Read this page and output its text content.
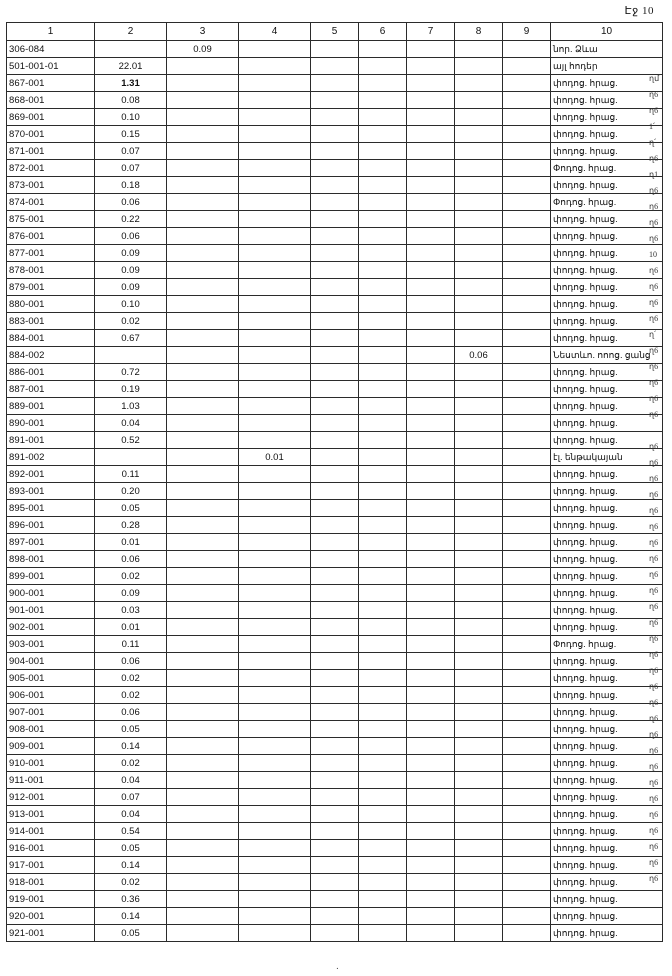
Էջ 10
1	2	3	4	5	6	7	8	9	10
306-084		0.09							նոր. Ձևա
501-001-01	22.01								այլ հոդեր
867-001	1.31								փոդոց. հրաց.
868-001	0.08								փոդոց. հրաց.
869-001	0.10								փոդոց. հրաց.
870-001	0.15								փոդոց. հրաց.
871-001	0.07								փոդոց. հրաց.
872-001	0.07								Փոդոց. հրաց.
873-001	0.18								փոդոց. հրաց.
874-001	0.06								Փոդոց. հրաց.
875-001	0.22								փոդոց. հրաց.
876-001	0.06								փոդոց. հրաց.
877-001	0.09								փոդոց. հրաց.
878-001	0.09								փոդոց. հրաց.
879-001	0.09								փոդոց. հրաց.
880-001	0.10								փոդոց. հրաց.
883-001	0.02								փոդոց. հրաց.
884-001	0.67								փոդոց. հրաց.
884-002							0.06		Նեստևո. ոոոց. ցանց
886-001	0.72								փոդոց. հրաց.
887-001	0.19								փոդոց. հրաց.
889-001	1.03								փոդոց. հրաց.
890-001	0.04								փոդոց. հրաց.
891-001	0.52								փոդոց. հրաց.
891-002			0.01						էլ. ենթակայան
892-001	0.11								փոդոց. հրաց.
893-001	0.20								փոդոց. հրաց.
895-001	0.05								փոդոց. հրաց.
896-001	0.28								փոդոց. հրաց.
897-001	0.01								փոդոց. հրաց.
898-001	0.06								փոդոց. հրաց.
899-001	0.02								փոդոց. հրաց.
900-001	0.09								փոդոց. հրաց.
901-001	0.03								փոդոց. հրաց.
902-001	0.01								փոդոց. հրաց.
903-001	0.11								Փոդոց. հրաց.
904-001	0.06								փոդոց. հրաց.
905-001	0.02								փոդոց. հրաց.
906-001	0.02								փոդոց. հրաց.
907-001	0.06								փոդոց. հրաց.
908-001	0.05								փոդոց. հրաց.
909-001	0.14								փոդոց. հրաց.
910-001	0.02								փոդոց. հրաց.
911-001	0.04								փոդոց. հրաց.
912-001	0.07								փոդոց. հրաց.
913-001	0.04								փոդոց. հրաց.
914-001	0.54								փոդոց. հրաց.
916-001	0.05								փոդոց. հրաց.
917-001	0.14								փոդոց. հրաց.
918-001	0.02								փոդոց. հրաց.
919-001	0.36								փոդոց. հրաց.
920-001	0.14								փոդոց. հրաց.
921-001	0.05								փոդոց. հրաց.
ղմ
ղ6
ղ6
1՛
ղ՛
ղ6
ղ1
ղ6
ղ6
ղ6
ղ6
10
ղ6
ղ6
ղ6
ղ6
ղ՛
ղ6
ղ6
ղ6
ղ6
ղ6
ղ6
ղ6
ղ6
ղ6
ղ6
ղ6
ղ6
ղ6
ղ6
ղ6
ղ6
ղ6
ղ6
ղ6
ղ6
ղ6
ղ6
ղ6
ղ6
ղ6
ղ6
ղ6
ղ6
ղ6
ղ6
ղ6
ղ6
ղ6
.
